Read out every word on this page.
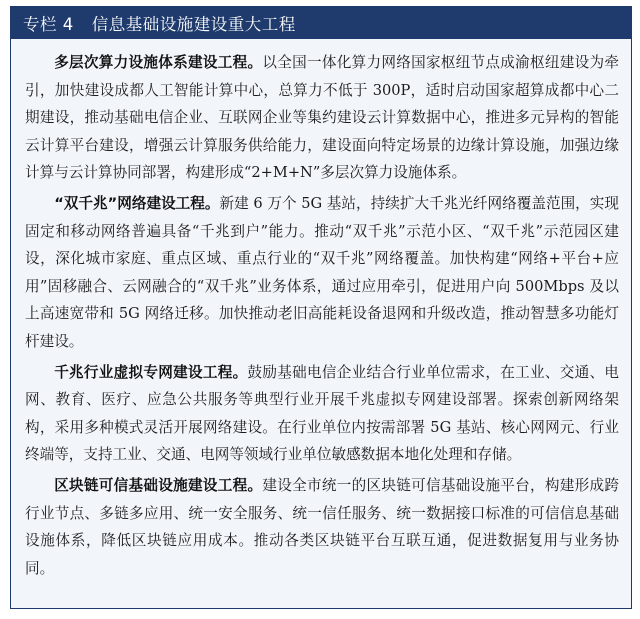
专栏 4 信息基础设施建设重大工程

多层次算力设施体系建设工程。以全国一体化算力网络国家枢纽节点成渝枢纽建设为牵引，加快建设成都人工智能计算中心，总算力不低于 300P，适时启动国家超算成都中心二期建设，推动基础电信企业、互联网企业等集约建设云计算数据中心，推进多元异构的智能云计算平台建设，增强云计算服务供给能力，建设面向特定场景的边缘计算设施，加强边缘计算与云计算协同部署，构建形成“2+M+N”多层次算力设施体系。

“双千兆”网络建设工程。新建 6 万个 5G 基站，持续扩大千兆光纤网络覆盖范围，实现固定和移动网络普遍具备“千兆到户”能力。推动“双千兆”示范小区、“双千兆”示范园区建设，深化城市家庭、重点区域、重点行业的“双千兆”网络覆盖。加快构建“网络+平台+应用”固移融合、云网融合的“双千兆”业务体系，通过应用牵引，促进用户向 500Mbps 及以上高速宽带和 5G 网络迁移。加快推动老旧高能耗设备退网和升级改造，推动智慧多功能灯杆建设。

千兆行业虚拟专网建设工程。鼓励基础电信企业结合行业单位需求，在工业、交通、电网、教育、医疗、应急公共服务等典型行业开展千兆虚拟专网建设部署。探索创新网络架构，采用多种模式灵活开展网络建设。在行业单位内按需部署 5G 基站、核心网网元、行业终端等，支持工业、交通、电网等领域行业单位敏感数据本地化处理和存储。

区块链可信基础设施建设工程。建设全市统一的区块链可信基础设施平台，构建形成跨行业节点、多链多应用、统一安全服务、统一信任服务、统一数据接口标准的可信信息基础设施体系，降低区块链应用成本。推动各类区块链平台互联互通，促进数据复用与业务协同。
